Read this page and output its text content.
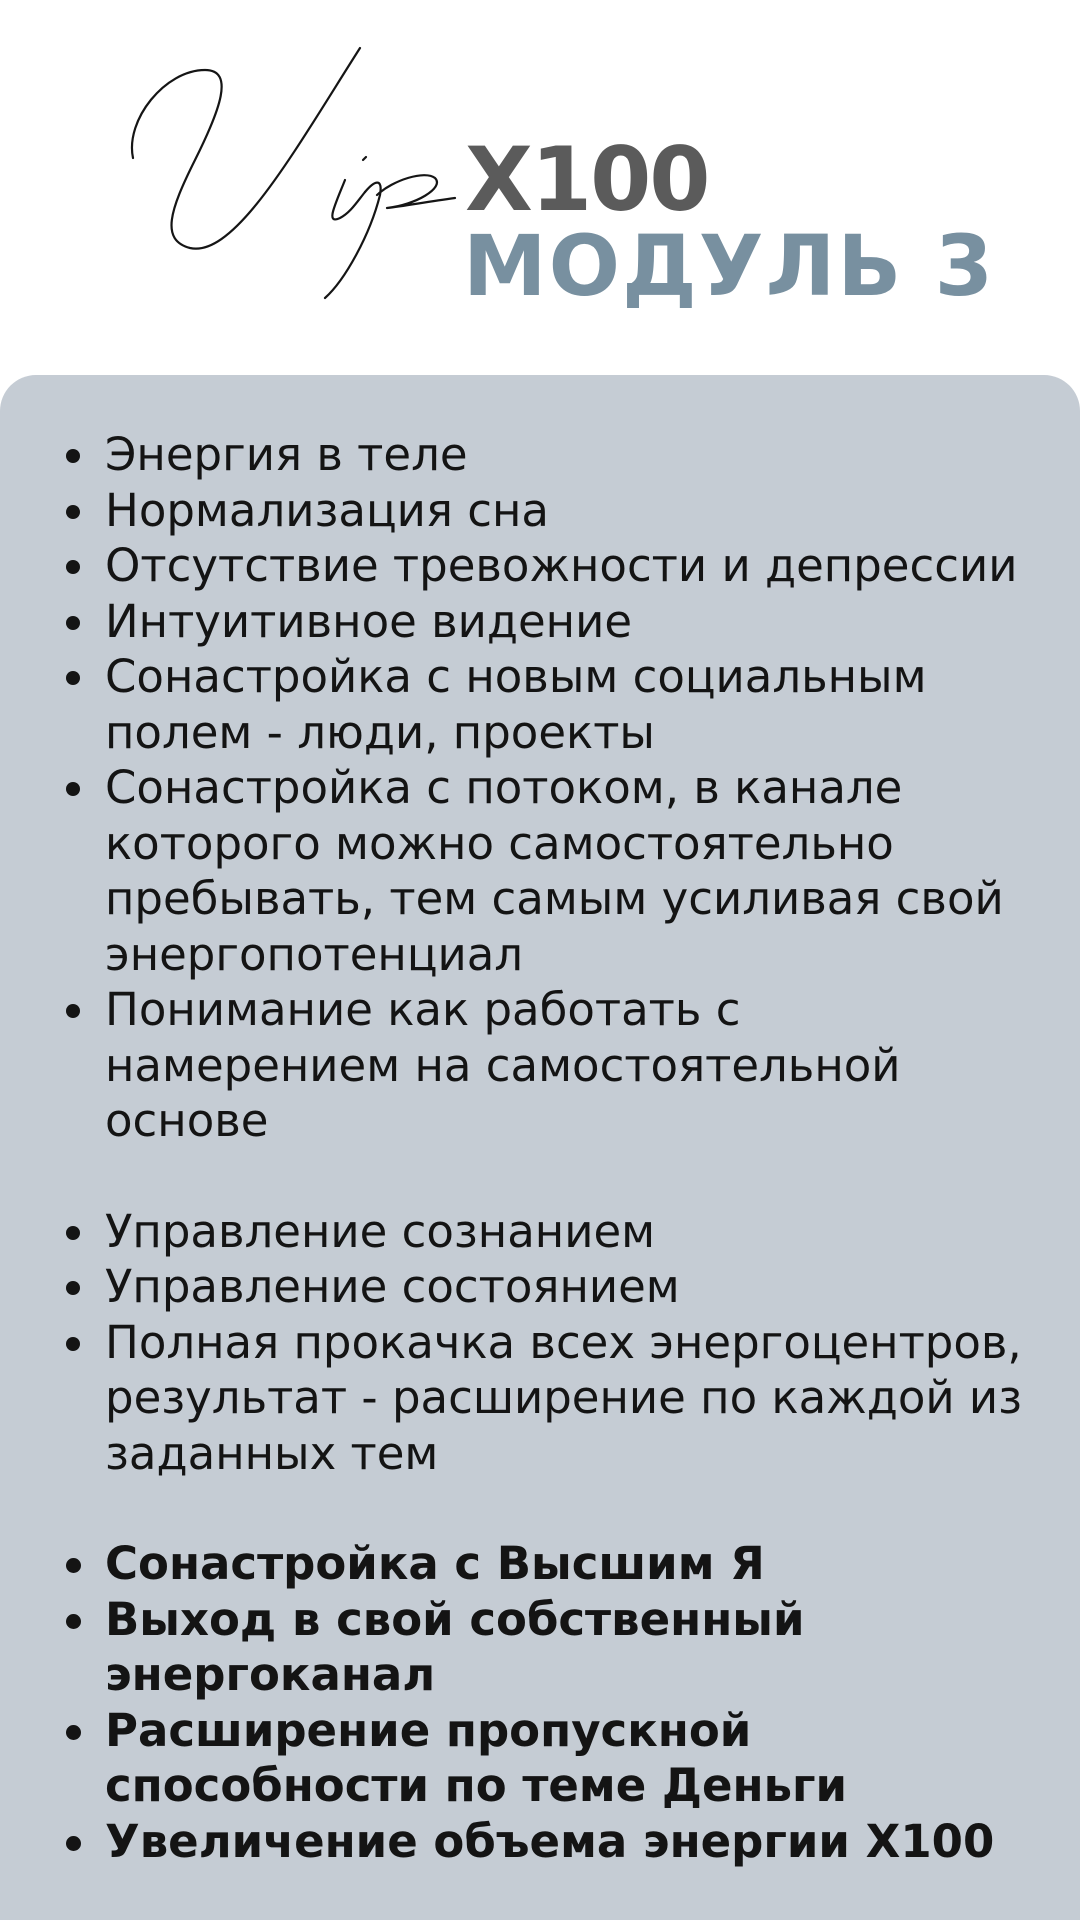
X100
МОДУЛЬ 3
Энергия в теле
Нормализация сна
Отсутствие тревожности и депрессии
Интуитивное видение
Сонастройка с новым социальным
полем - люди, проекты
Сонастройка с потоком, в канале
которого можно самостоятельно
пребывать, тем самым усиливая свой
энергопотенциал
Понимание как работать с
намерением на самостоятельной
основе
Управление сознанием
Управление состоянием
Полная прокачка всех энергоцентров,
результат - расширение по каждой из
заданных тем
Сонастройка с Высшим Я
Выход в свой собственный
энергоканал
Расширение пропускной
способности по теме Деньги
Увеличение объема энергии X100
